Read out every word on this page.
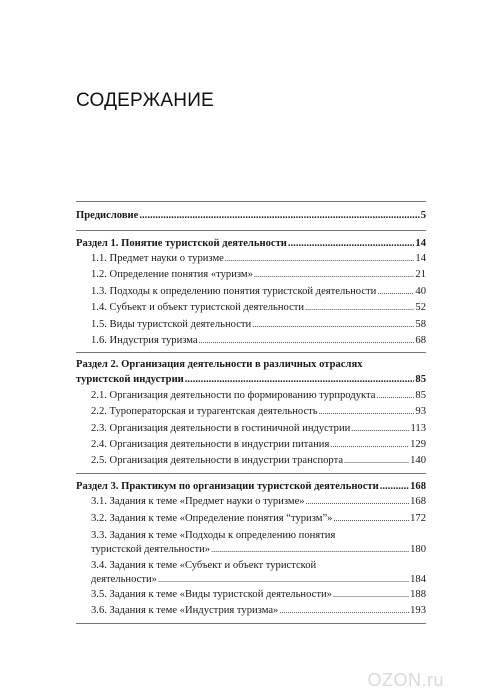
СОДЕРЖАНИЕ
Предисловие .....	5
Раздел 1. Понятие туристской деятельности .....	14
1.1. Предмет науки о туризме .....	14
1.2. Определение понятия «туризм» .....	21
1.3. Подходы к определению понятия туристской деятельности .....	40
1.4. Субъект и объект туристской деятельности .....	52
1.5. Виды туристской деятельности .....	58
1.6. Индустрия туризма .....	68
Раздел 2. Организация деятельности в различных отраслях
туристской индустрии .....	85
2.1. Организация деятельности по формированию турпродукта .....	85
2.2. Туроператорская и турагентская деятельность .....	93
2.3. Организация деятельности в гостиничной индустрии .....	113
2.4. Организация деятельности в индустрии питания .....	129
2.5. Организация деятельности в индустрии транспорта .....	140
Раздел 3. Практикум по организации туристской деятельности .....	168
3.1. Задания к теме «Предмет науки о туризме» .....	168
3.2. Задания к теме «Определение понятия “туризм”» .....	172
3.3. Задания к теме «Подходы к определению понятия
туристской деятельности» .....	180
3.4. Задания к теме «Субъект и объект туристской
деятельности» .....	184
3.5. Задания к теме «Виды туристской деятельности» .....	188
3.6. Задания к теме «Индустрия туризма» .....	193
OZON.ru
